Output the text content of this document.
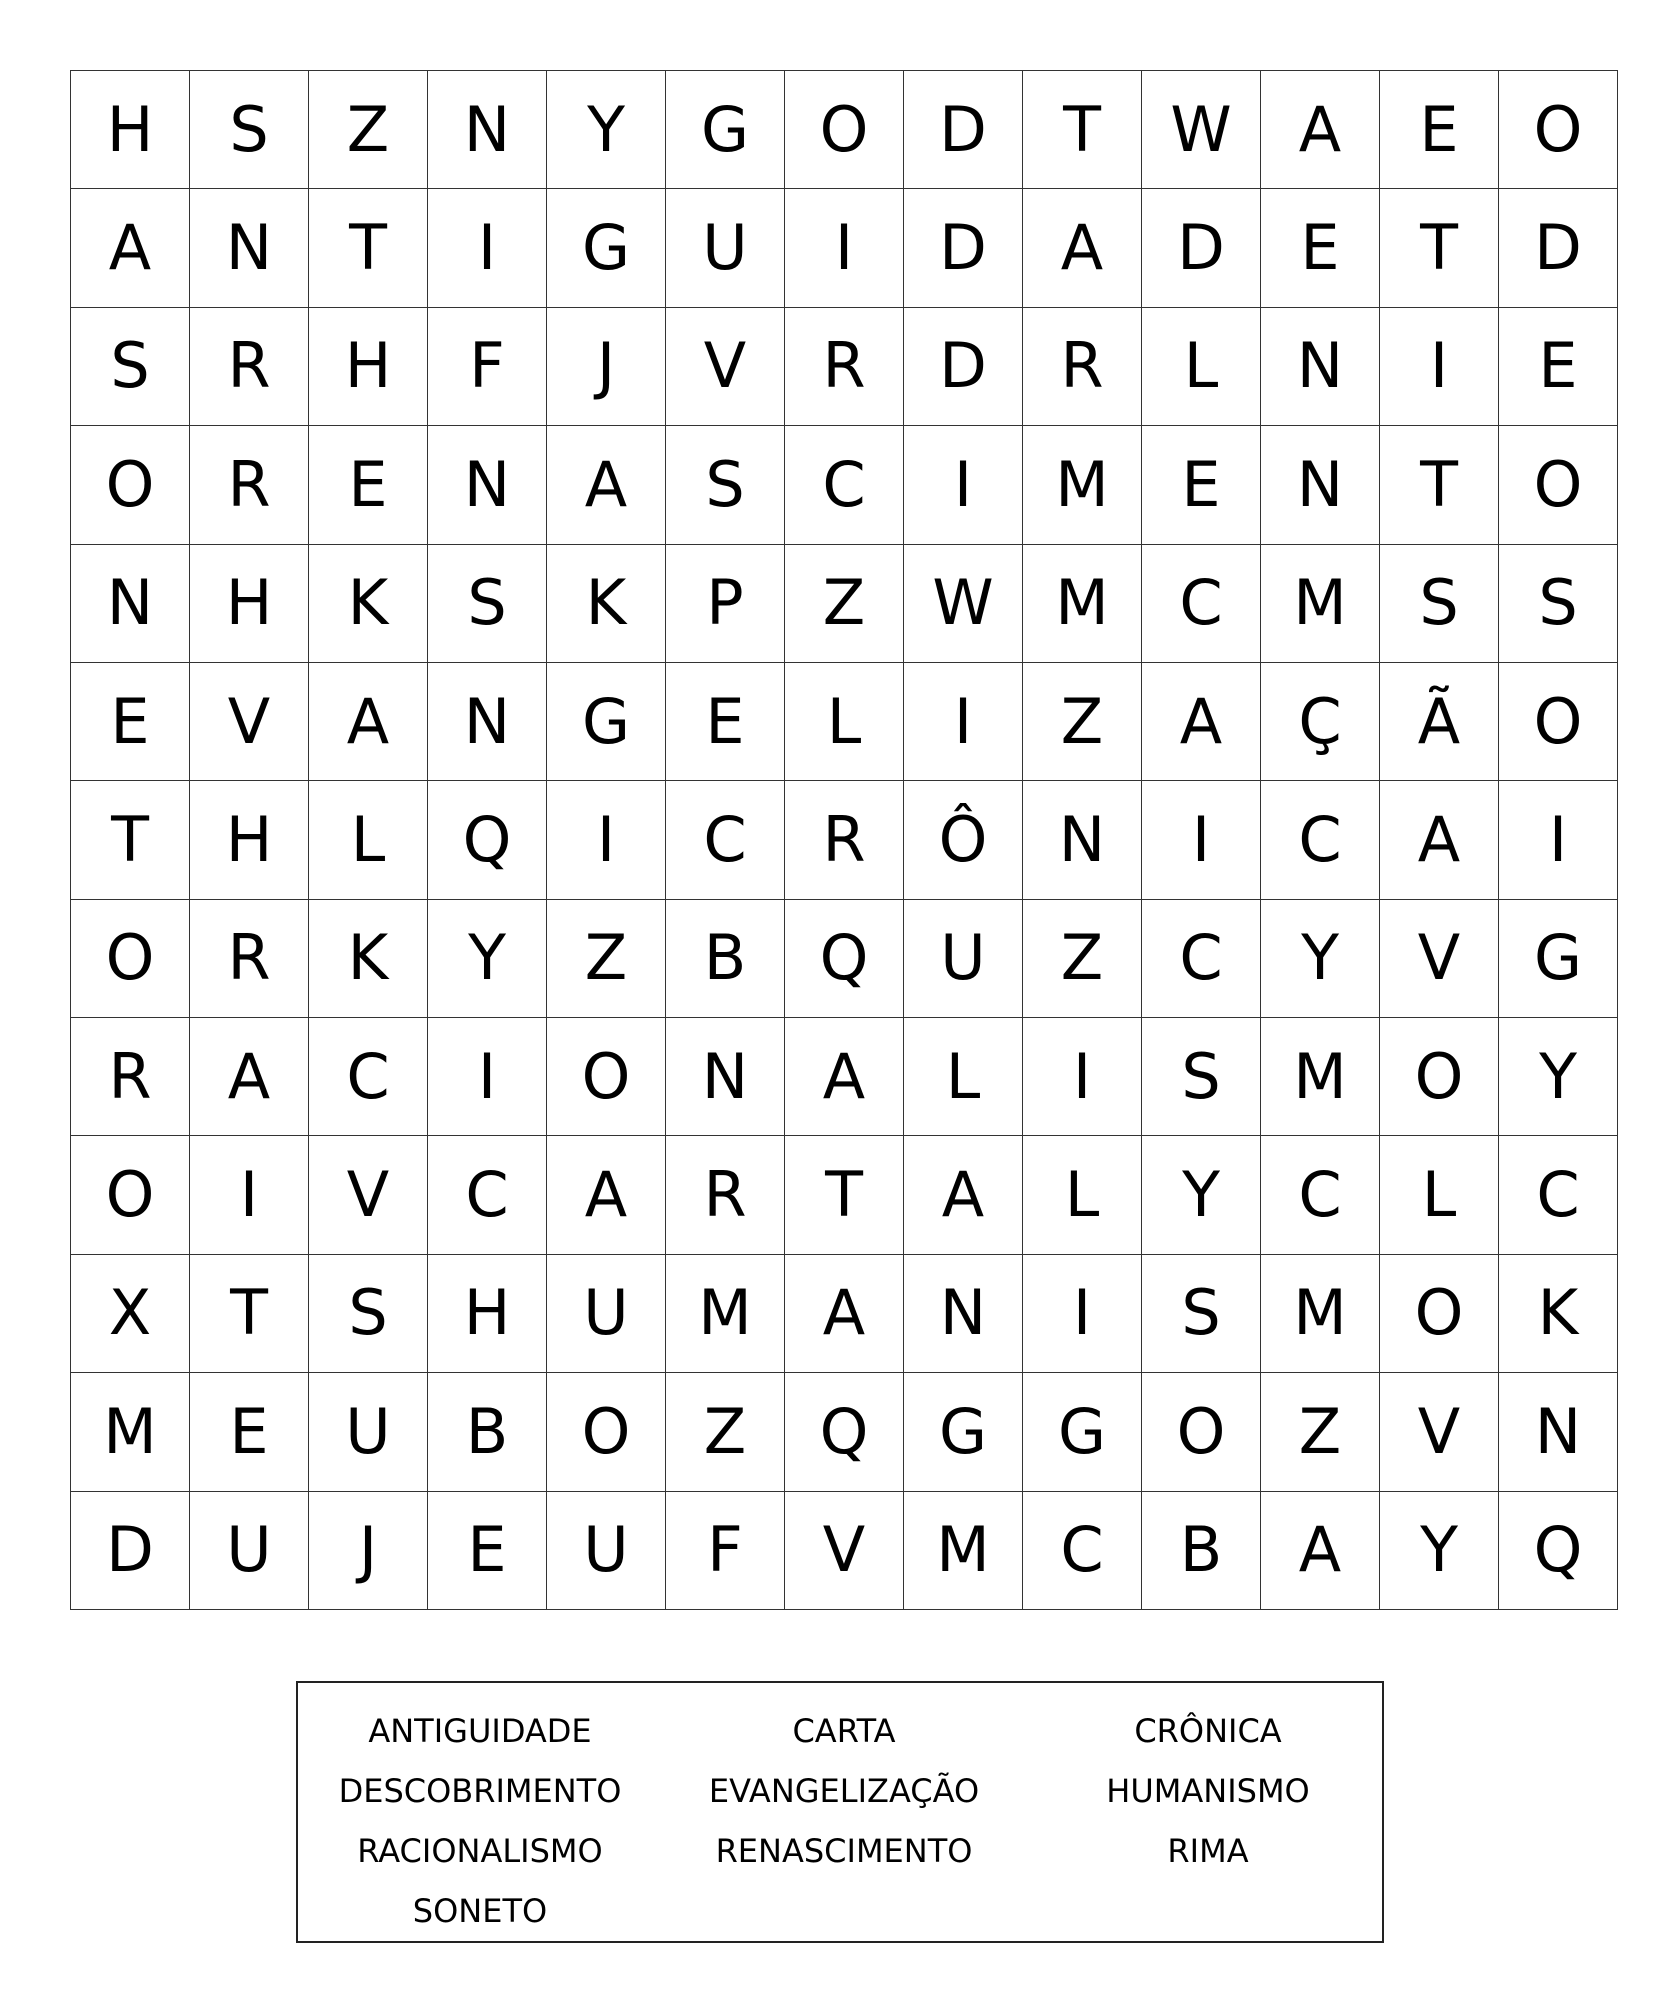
H	S	Z	N	Y	G	O	D	T	W	A	E	O
A	N	T	I	G	U	I	D	A	D	E	T	D
S	R	H	F	J	V	R	D	R	L	N	I	E
O	R	E	N	A	S	C	I	M	E	N	T	O
N	H	K	S	K	P	Z	W	M	C	M	S	S
E	V	A	N	G	E	L	I	Z	A	Ç	Ã	O
T	H	L	Q	I	C	R	Ô	N	I	C	A	I
O	R	K	Y	Z	B	Q	U	Z	C	Y	V	G
R	A	C	I	O	N	A	L	I	S	M	O	Y
O	I	V	C	A	R	T	A	L	Y	C	L	C
X	T	S	H	U	M	A	N	I	S	M	O	K
M	E	U	B	O	Z	Q	G	G	O	Z	V	N
D	U	J	E	U	F	V	M	C	B	A	Y	Q
ANTIGUIDADE	CARTA	CRÔNICA
DESCOBRIMENTO	EVANGELIZAÇÃO	HUMANISMO
RACIONALISMO	RENASCIMENTO	RIMA
SONETO
